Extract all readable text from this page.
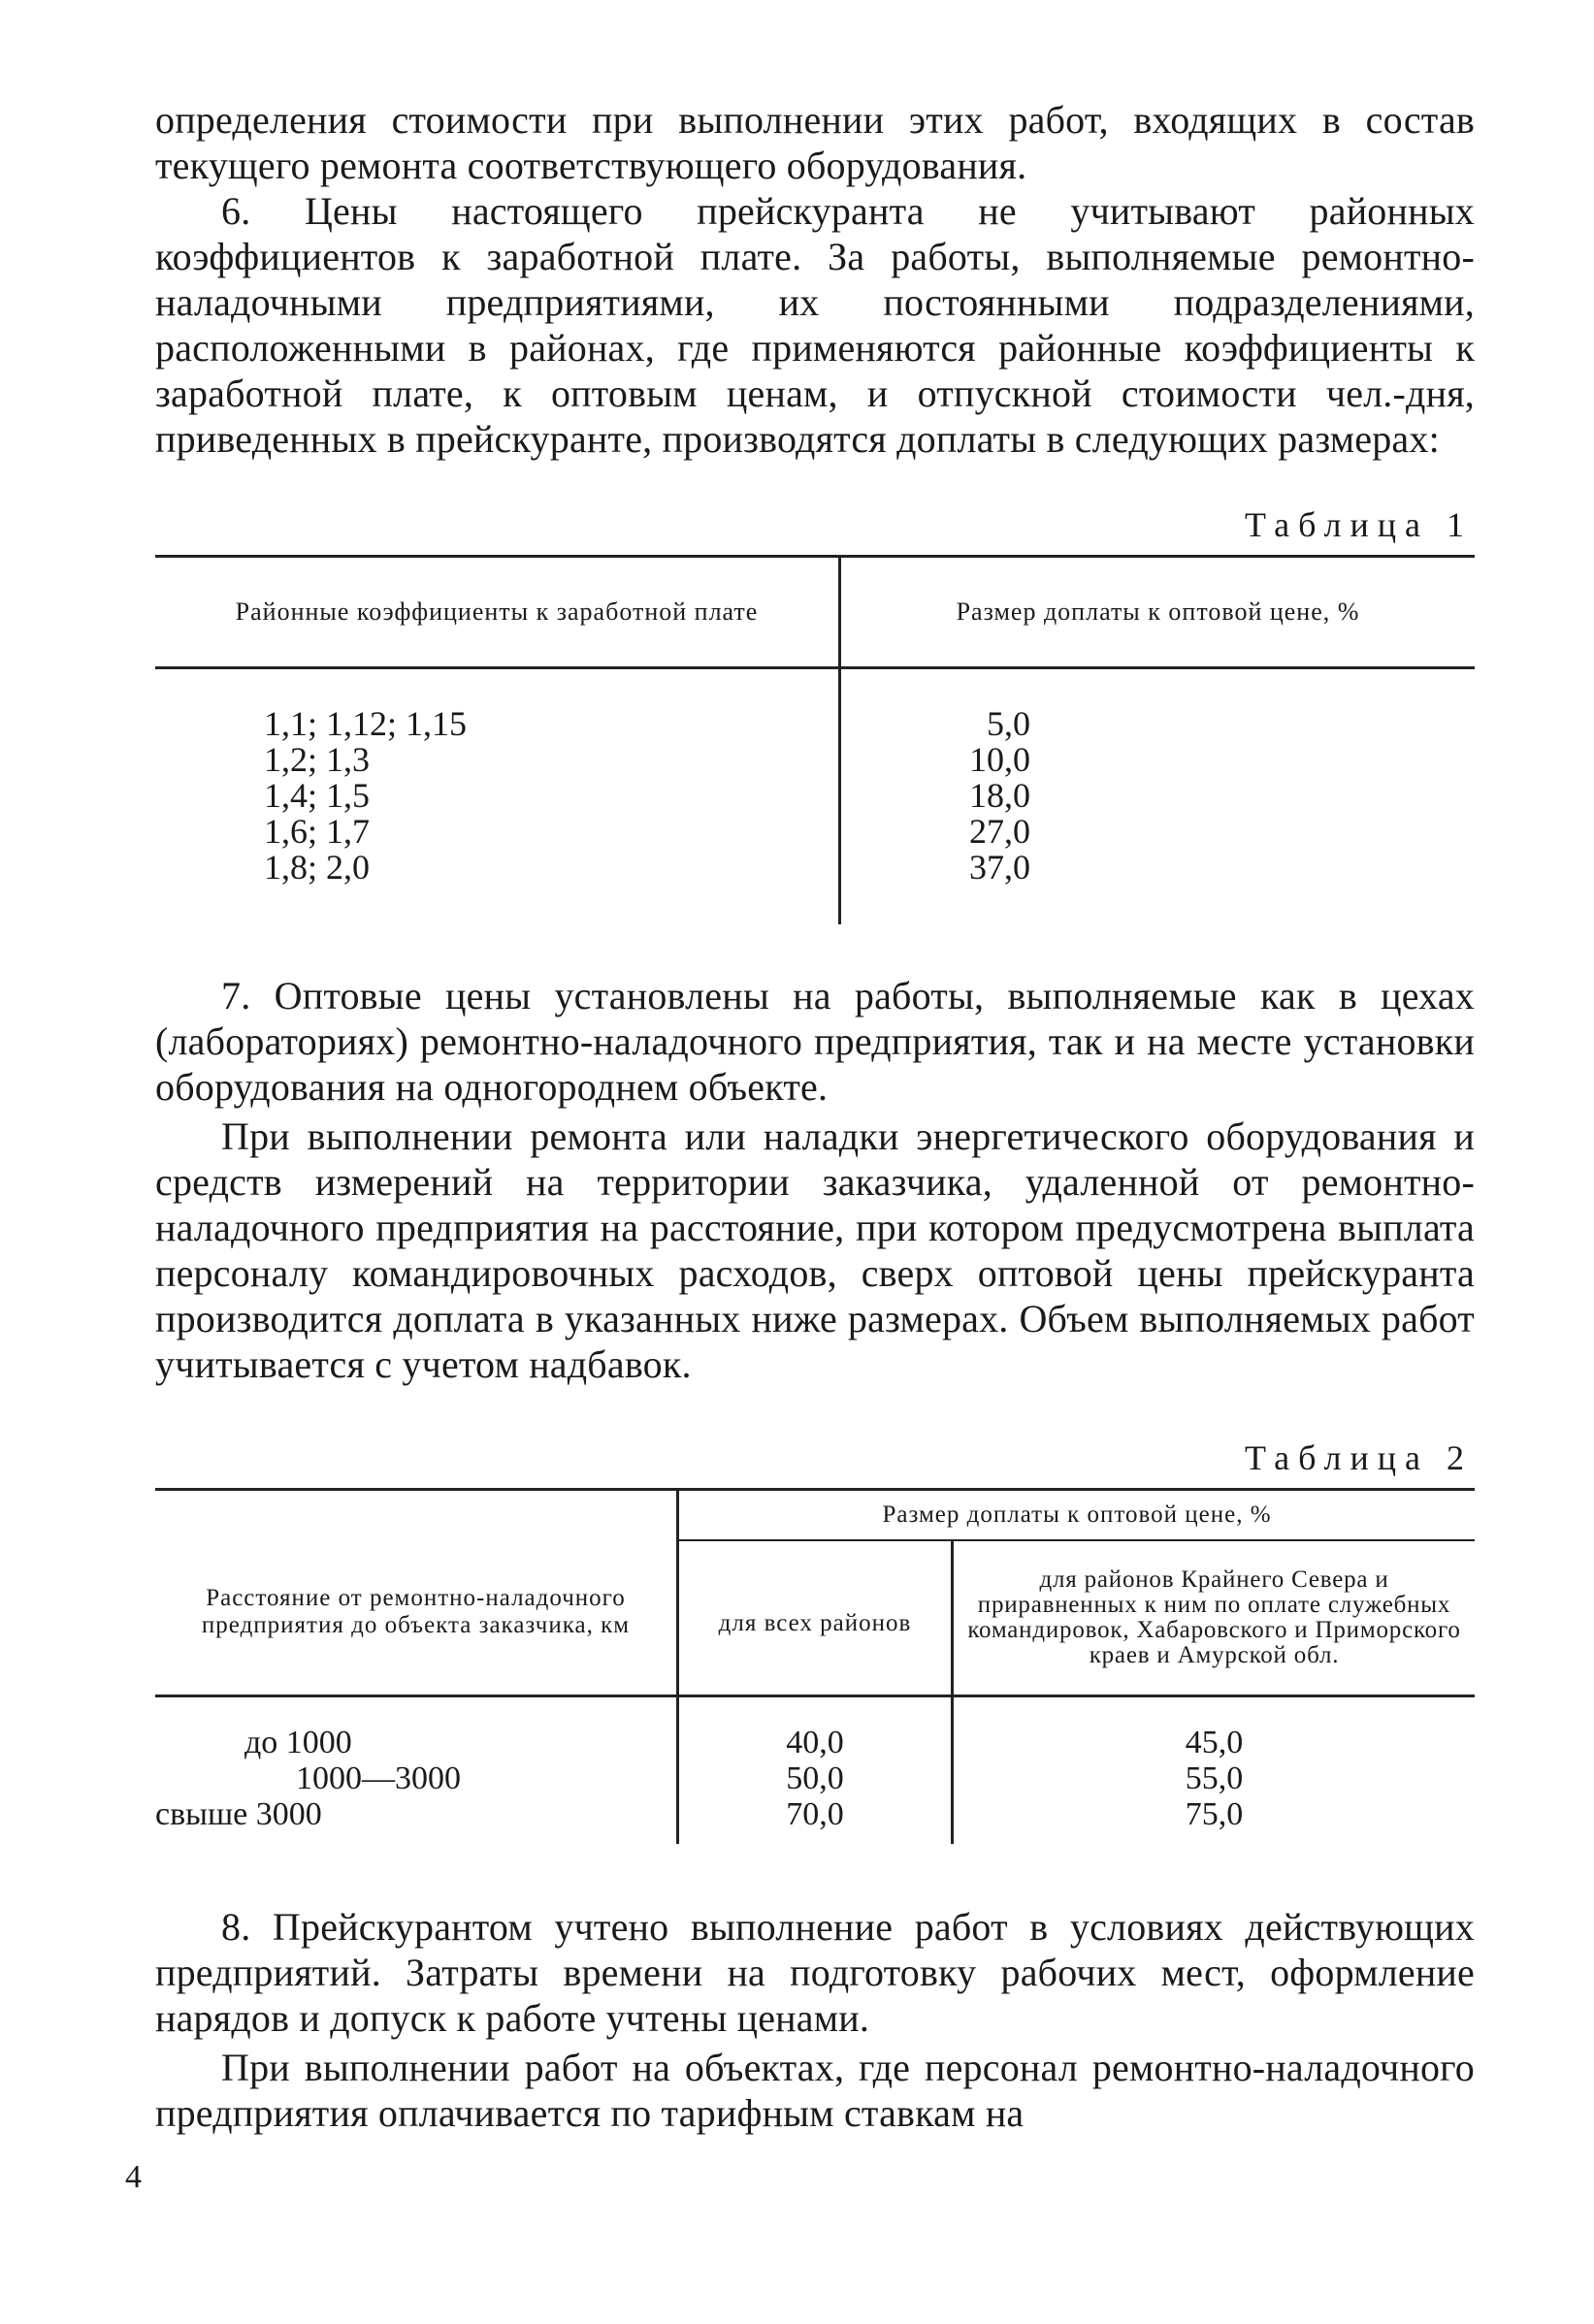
определения стоимости при выполнении этих работ, входящих в состав текущего ремонта соответствующего оборудования.

6. Цены настоящего прейскуранта не учитывают районных коэффициентов к заработной плате. За работы, выполняемые ремонтно-наладочными предприятиями, их постоянными подразделениями, расположенными в районах, где применяются районные коэффициенты к заработной плате, к оптовым ценам, и отпускной стоимости чел.-дня, приведенных в прейскуранте, производятся доплаты в следующих размерах:

Таблица 1
Районные коэффициенты к заработной плате	Размер доплаты к оптовой цене, %
1,1; 1,12; 1,15
1,2; 1,3
1,4; 1,5
1,6; 1,7
1,8; 2,0
5,0
10,0
18,0
27,0
37,0

7. Оптовые цены установлены на работы, выполняемые как в цехах (лабораториях) ремонтно-наладочного предприятия, так и на месте установки оборудования на одногороднем объекте.

При выполнении ремонта или наладки энергетического оборудования и средств измерений на территории заказчика, удаленной от ремонтно-наладочного предприятия на расстояние, при котором предусмотрена выплата персоналу командировочных расходов, сверх оптовой цены прейскуранта производится доплата в указанных ниже размерах. Объем выполняемых работ учитывается с учетом надбавок.

Таблица 2
Расстояние от ремонтно-наладочного предприятия до объекта заказчика, км
Размер доплаты к оптовой цене, %
для всех районов
для районов Крайнего Севера и приравненных к ним по оплате служебных командировок, Хабаровского и Приморского краев и Амурской обл.
до 1000
1000—3000
свыше 3000
40,0
50,0
70,0
45,0
55,0
75,0

8. Прейскурантом учтено выполнение работ в условиях действующих предприятий. Затраты времени на подготовку рабочих мест, оформление нарядов и допуск к работе учтены ценами.

При выполнении работ на объектах, где персонал ремонтно-наладочного предприятия оплачивается по тарифным ставкам на

4
